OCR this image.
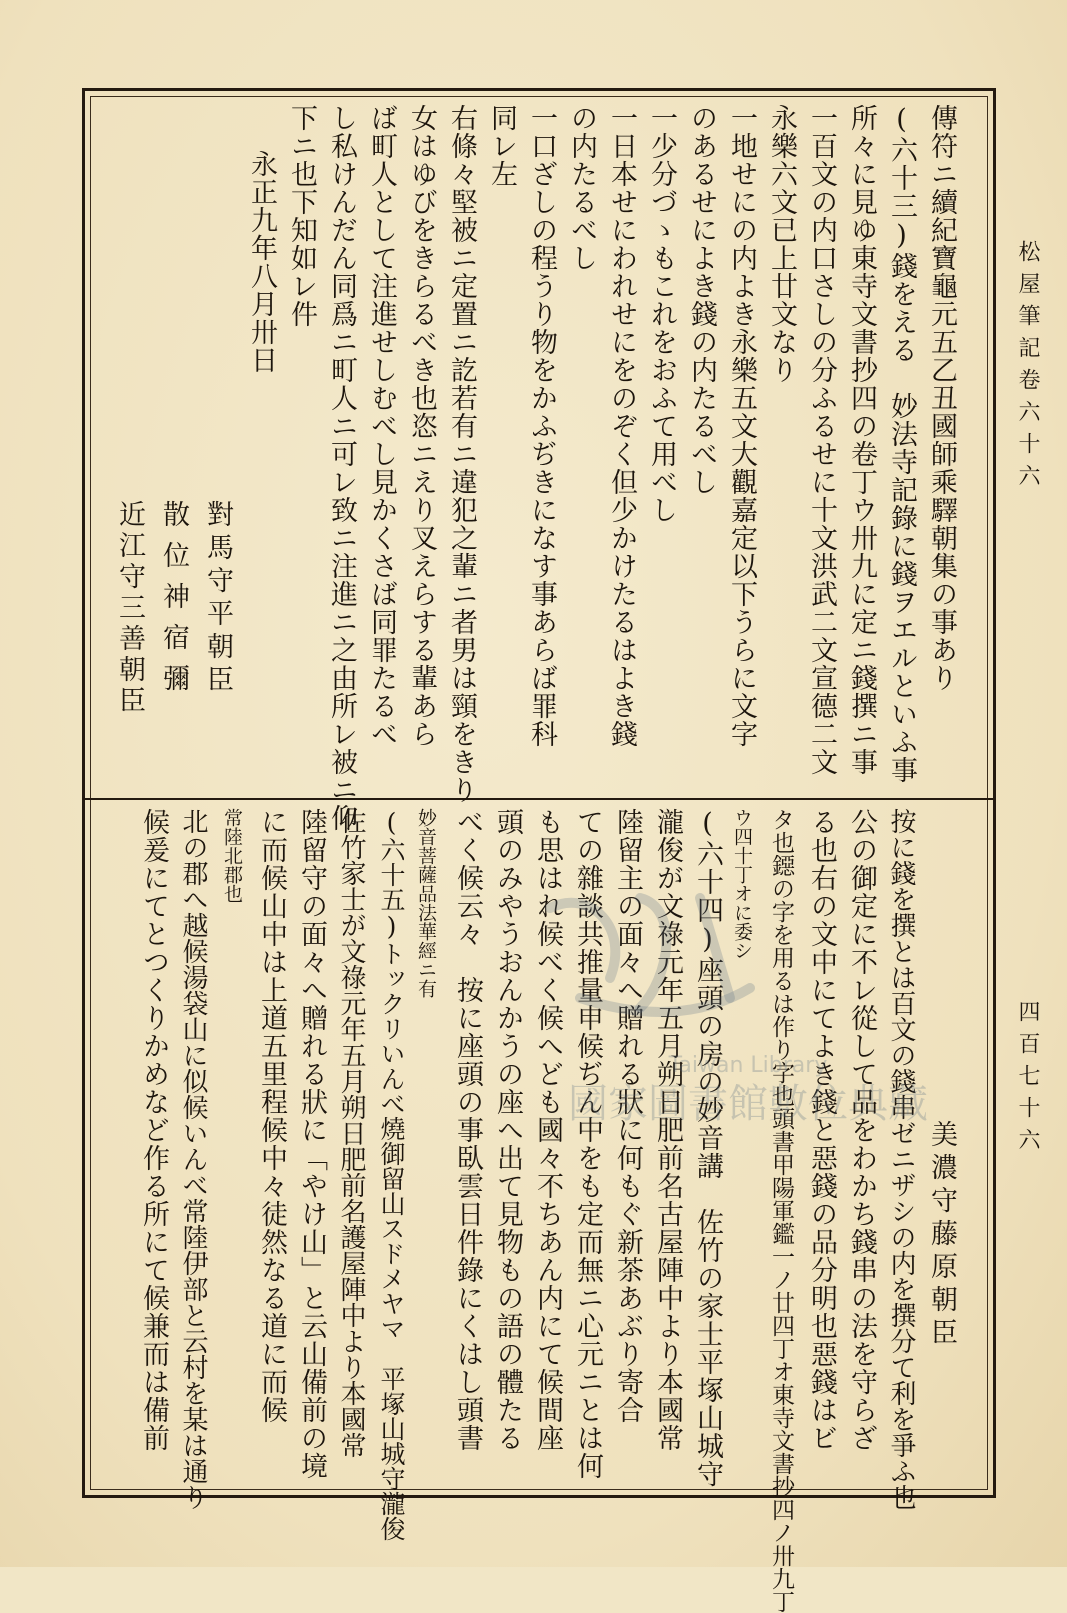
松屋筆記卷六十六
四百七十六
傳符ニ續紀寶龜元五乙丑國師乘驛朝集の事あり
(六十三)錢をえる　妙法寺記錄に錢ヲエルといふ事
所々に見ゆ東寺文書抄四の卷丁ウ卅九に定ニ錢撰ニ事
一百文の内口さしの分ふるせに十文洪武二文宣德二文
永樂六文已上廿文なり
一地せにの内よき永樂五文大觀嘉定以下うらに文字
のあるせによき錢の内たるべし
一少分づゝもこれをおふて用べし
一日本せにわれせにをのぞく但少かけたるはよき錢
の内たるべし
一口ざしの程うり物をかふぢきになす事あらば罪科
同レ左
右條々堅被ニ定置ニ訖若有ニ違犯之輩ニ者男は頸をきり
女はゆびをきらるべき也恣ニえり叉えらする輩あら
ば町人として注進せしむべし見かくさば同罪たるべ
し私けんだん同爲ニ町人ニ可レ致ニ注進ニ之由所レ被ニ仰
下ニ也下知如レ件
永正九年八月卅日
對馬守平朝臣
散位神宿彌
近江守三善朝臣
美濃守藤原朝臣
按に錢を撰とは百文の錢串ゼニザシの内を撰分て利を爭ふ也
公の御定に不レ從して品をわかち錢串の法を守らざ
る也右の文中にてよき錢と惡錢の品分明也惡錢はビ
タ也鐚の字を用るは作り字也頭書甲陽軍鑑一ノ廿四丁オ東寺文書抄四ノ卅九丁
ウ四十丁オに委シ
(六十四)座頭の房の妙音講　佐竹の家士平塚山城守
瀧俊が文祿元年五月朔日肥前名古屋陣中より本國常
陸留主の面々へ贈れる狀に何もぐ新茶あぶり寄合
ての雜談共推量申候ぢん中をも定而無ニ心元ニとは何
も思はれ候べく候へども國々不ちあん内にて候間座
頭のみやうおんかうの座へ出て見物もの語の體たる
べく候云々　按に座頭の事臥雲日件錄にくはし頭書
妙音菩薩品法華經ニ有
(六十五)トックリいんべ燒御留山スドメヤマ　平塚山城守瀧俊
佐竹家士が文祿元年五月朔日肥前名護屋陣中より本國常
陸留守の面々へ贈れる狀に「やけ山」と云山備前の境
に而候山中は上道五里程候中々徒然なる道に而候
常陸北郡也
北の郡へ越候湯袋山に似候いんべ常陸伊部と云村を某は通り
候爰にてとつくりかめなど作る所にて候兼而は備前	Taiwan Library
國家圖書館數位典藏
